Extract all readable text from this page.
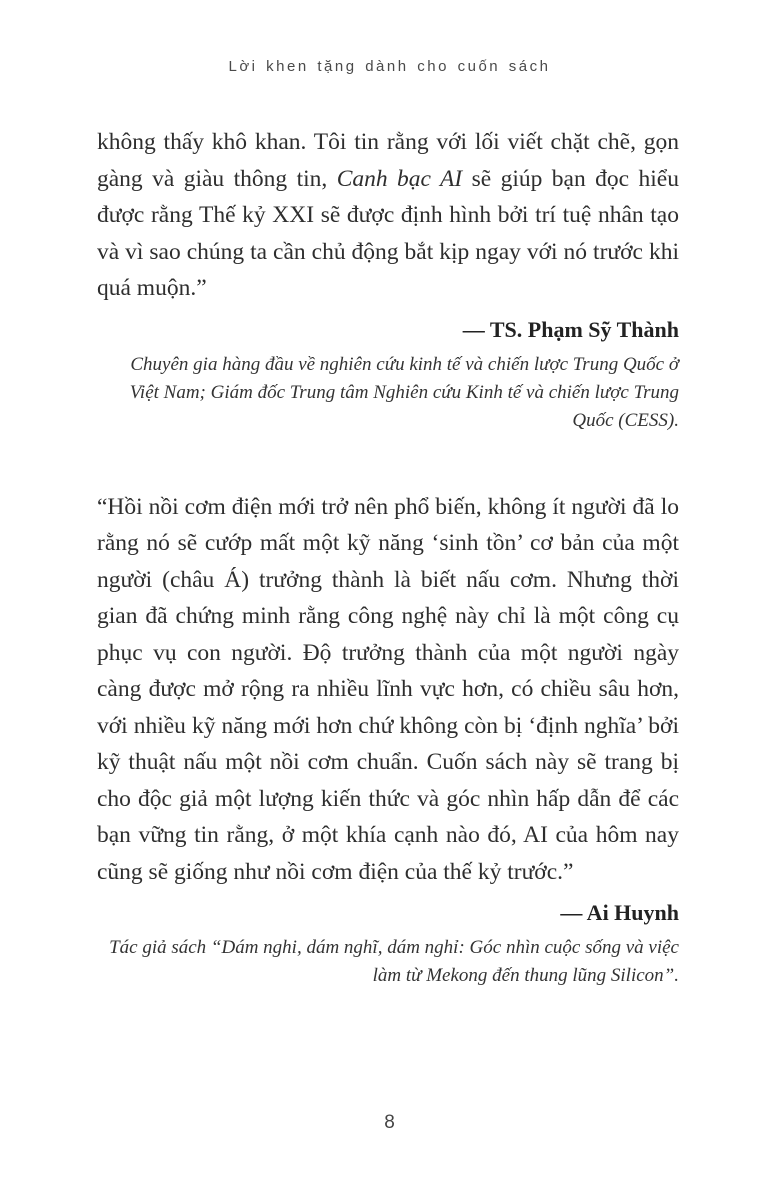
Lời khen tặng dành cho cuốn sách

không thấy khô khan. Tôi tin rằng với lối viết chặt chẽ, gọn gàng và giàu thông tin, Canh bạc AI sẽ giúp bạn đọc hiểu được rằng Thế kỷ XXI sẽ được định hình bởi trí tuệ nhân tạo và vì sao chúng ta cần chủ động bắt kịp ngay với nó trước khi quá muộn.”

— TS. Phạm Sỹ Thành

Chuyên gia hàng đầu về nghiên cứu kinh tế và chiến lược Trung Quốc ở Việt Nam; Giám đốc Trung tâm Nghiên cứu Kinh tế và chiến lược Trung Quốc (CESS).

“Hồi nồi cơm điện mới trở nên phổ biến, không ít người đã lo rằng nó sẽ cướp mất một kỹ năng ‘sinh tồn’ cơ bản của một người (châu Á) trưởng thành là biết nấu cơm. Nhưng thời gian đã chứng minh rằng công nghệ này chỉ là một công cụ phục vụ con người. Độ trưởng thành của một người ngày càng được mở rộng ra nhiều lĩnh vực hơn, có chiều sâu hơn, với nhiều kỹ năng mới hơn chứ không còn bị ‘định nghĩa’ bởi kỹ thuật nấu một nồi cơm chuẩn. Cuốn sách này sẽ trang bị cho độc giả một lượng kiến thức và góc nhìn hấp dẫn để các bạn vững tin rằng, ở một khía cạnh nào đó, AI của hôm nay cũng sẽ giống như nồi cơm điện của thế kỷ trước.”

— Ai Huynh

Tác giả sách “Dám nghi, dám nghĩ, dám nghỉ: Góc nhìn cuộc sống và việc làm từ Mekong đến thung lũng Silicon”.

8
